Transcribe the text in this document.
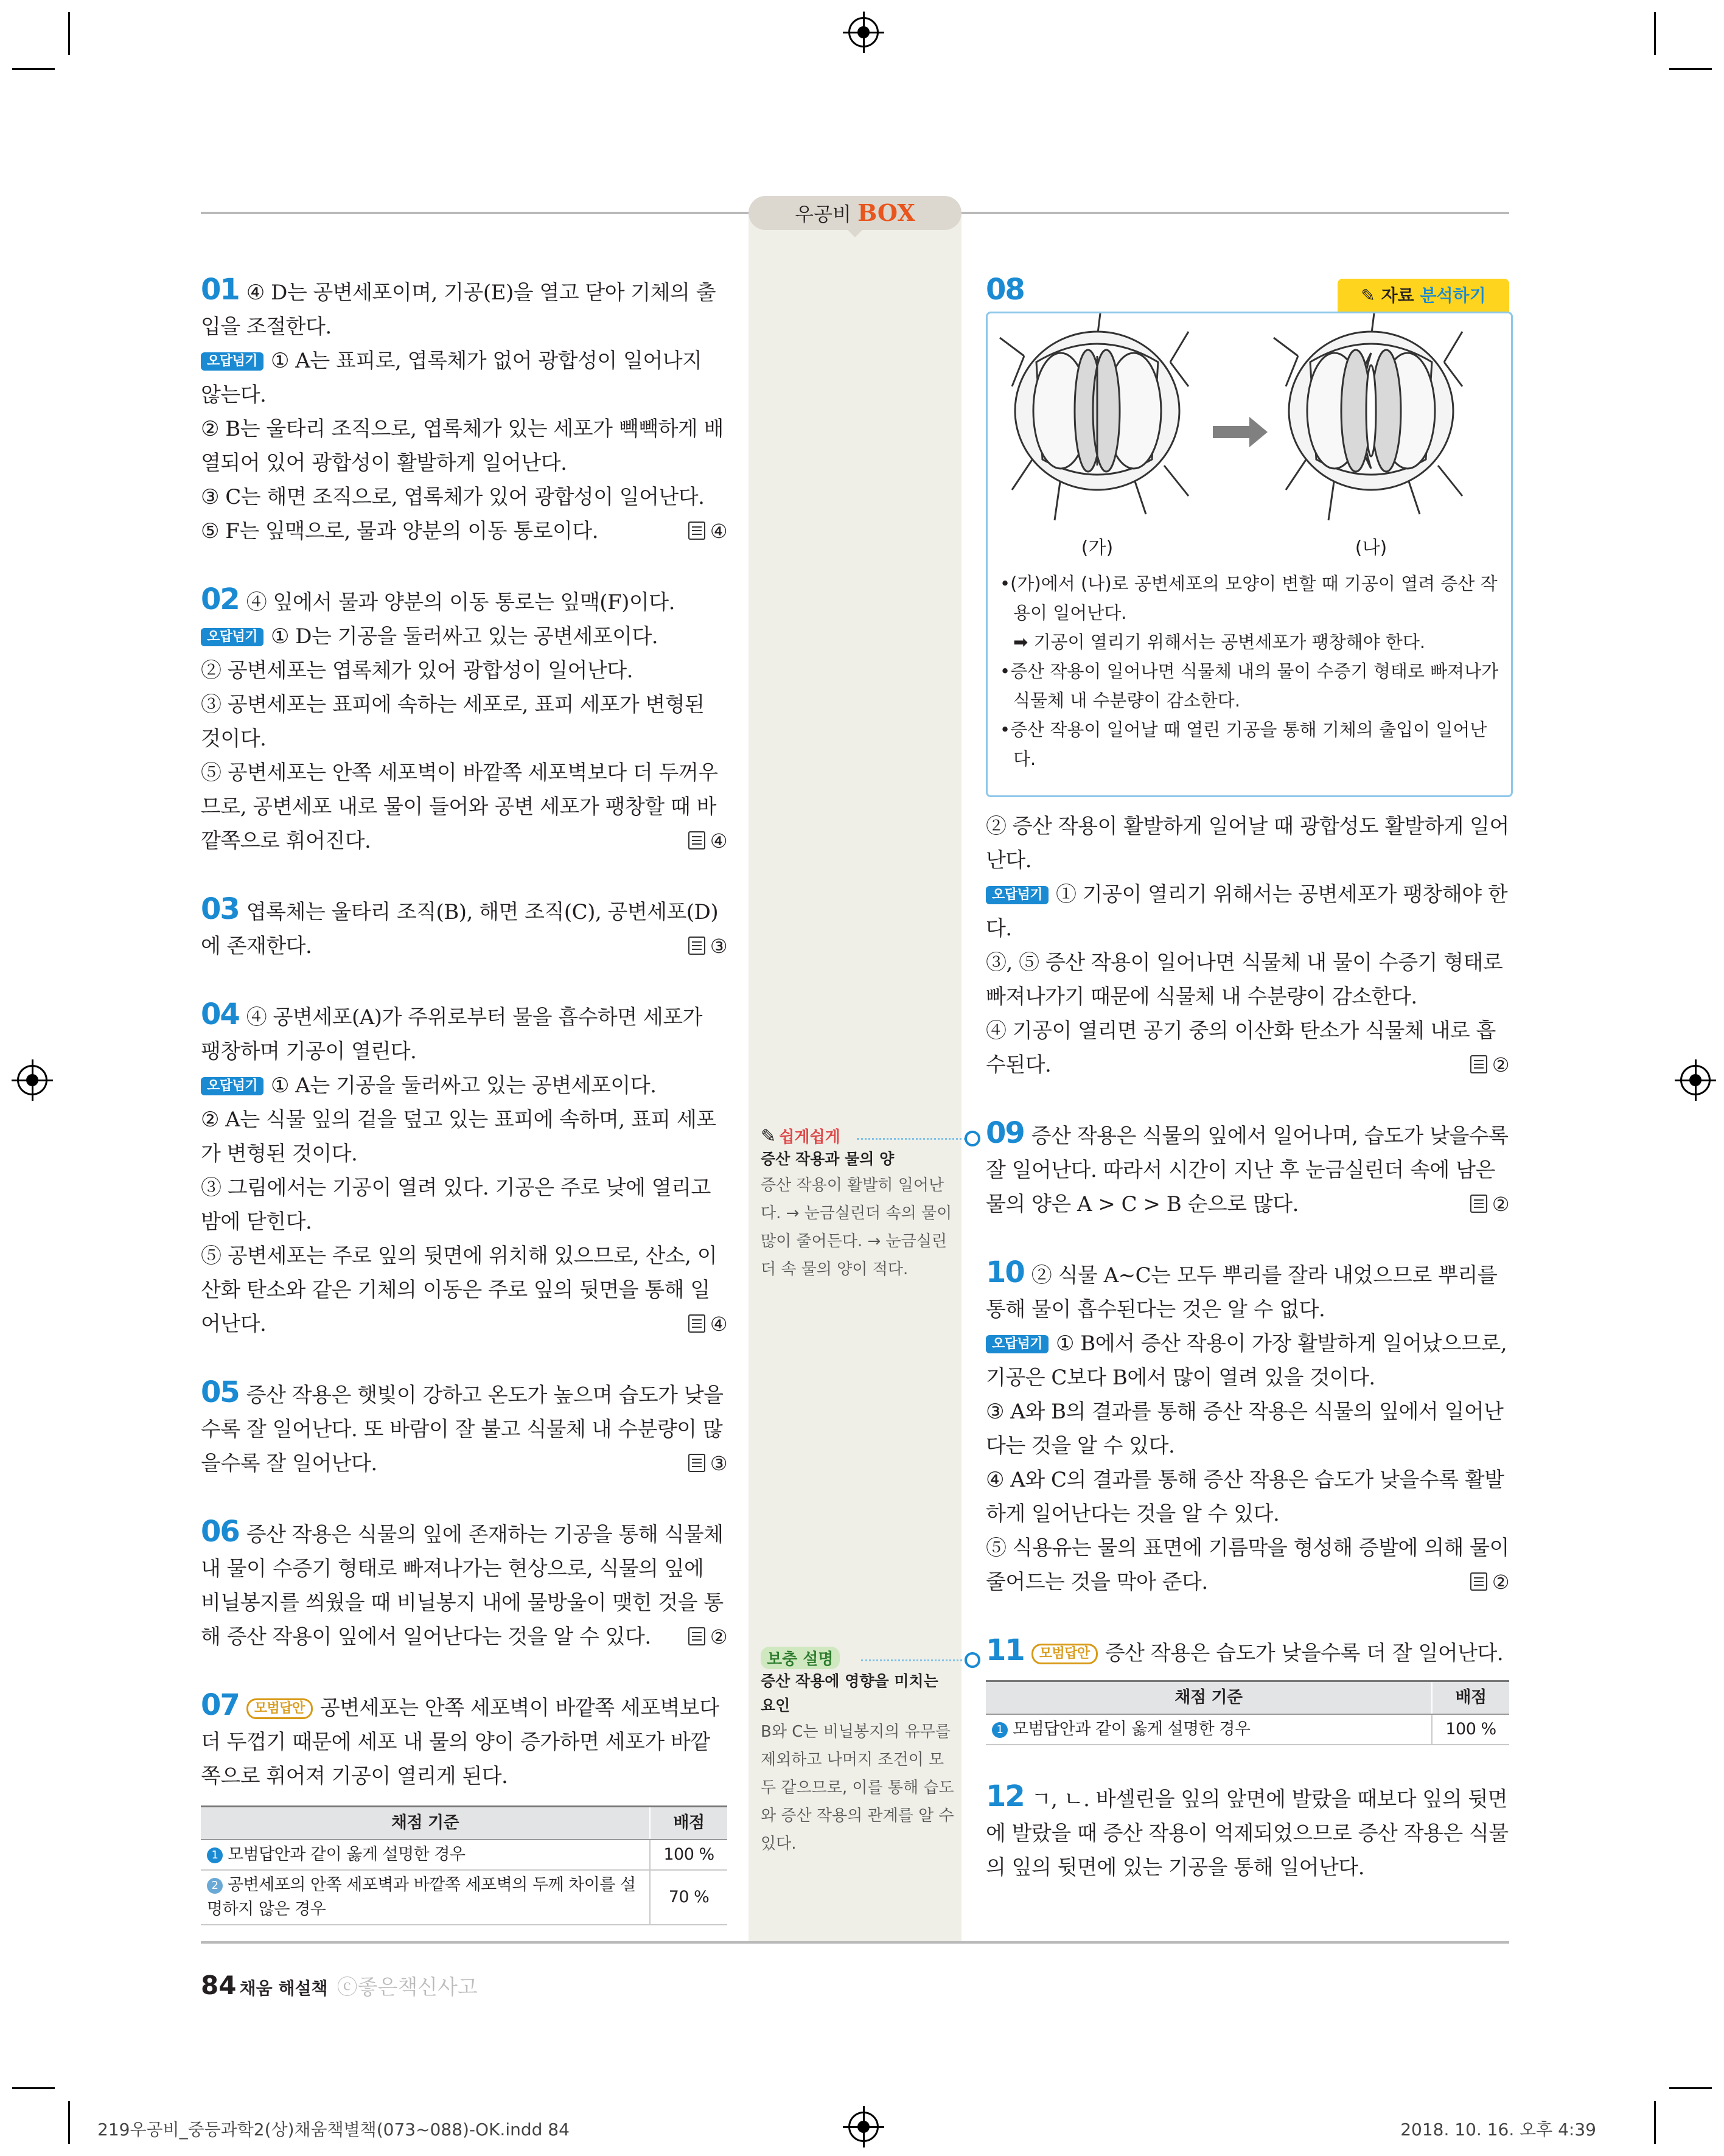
우공비 BOX
01 ④ D는 공변세포이며, 기공(E)을 열고 닫아 기체의 출입을 조절한다.
오답넘기 ① A는 표피로, 엽록체가 없어 광합성이 일어나지 않는다.
② B는 울타리 조직으로, 엽록체가 있는 세포가 빽빽하게 배열되어 있어 광합성이 활발하게 일어난다.
③ C는 해면 조직으로, 엽록체가 있어 광합성이 일어난다.
⑤ F는 잎맥으로, 물과 양분의 이동 통로이다.	④
02 ④ 잎에서 물과 양분의 이동 통로는 잎맥(F)이다.
오답넘기 ① D는 기공을 둘러싸고 있는 공변세포이다.
② 공변세포는 엽록체가 있어 광합성이 일어난다.
③ 공변세포는 표피에 속하는 세포로, 표피 세포가 변형된 것이다.
⑤ 공변세포는 안쪽 세포벽이 바깥쪽 세포벽보다 더 두꺼우므로, 공변세포 내로 물이 들어와 공변 세포가 팽창할 때 바깥쪽으로 휘어진다.	④
03 엽록체는 울타리 조직(B), 해면 조직(C), 공변세포(D)에 존재한다.	③
04 ④ 공변세포(A)가 주위로부터 물을 흡수하면 세포가 팽창하며 기공이 열린다.
오답넘기 ① A는 기공을 둘러싸고 있는 공변세포이다.
② A는 식물 잎의 겉을 덮고 있는 표피에 속하며, 표피 세포가 변형된 것이다.
③ 그림에서는 기공이 열려 있다. 기공은 주로 낮에 열리고 밤에 닫힌다.
⑤ 공변세포는 주로 잎의 뒷면에 위치해 있으므로, 산소, 이산화 탄소와 같은 기체의 이동은 주로 잎의 뒷면을 통해 일어난다.	④
05 증산 작용은 햇빛이 강하고 온도가 높으며 습도가 낮을수록 잘 일어난다. 또 바람이 잘 불고 식물체 내 수분량이 많을수록 잘 일어난다.	③
06 증산 작용은 식물의 잎에 존재하는 기공을 통해 식물체 내 물이 수증기 형태로 빠져나가는 현상으로, 식물의 잎에 비닐봉지를 씌웠을 때 비닐봉지 내에 물방울이 맺힌 것을 통해 증산 작용이 잎에서 일어난다는 것을 알 수 있다.	②
07 모범답안 공변세포는 안쪽 세포벽이 바깥쪽 세포벽보다 더 두껍기 때문에 세포 내 물의 양이 증가하면 세포가 바깥쪽으로 휘어져 기공이 열리게 된다.
채점 기준	배점
1 모범답안과 같이 옳게 설명한 경우	100 %
2 공변세포의 안쪽 세포벽과 바깥쪽 세포벽의 두께 차이를 설명하지 않은 경우	70 %
✎ 쉽게쉽게
증산 작용과 물의 양
증산 작용이 활발히 일어난다. → 눈금실린더 속의 물이 많이 줄어든다. → 눈금실린더 속 물의 양이 적다.
보충 설명
증산 작용에 영향을 미치는 요인
B와 C는 비닐봉지의 유무를 제외하고 나머지 조건이 모두 같으므로, 이를 통해 습도와 증산 작용의 관계를 알 수 있다.
08	✎ 자료 분석하기
(가)	(나)

•(가)에서 (나)로 공변세포의 모양이 변할 때 기공이 열려 증산 작용이 일어난다.

➡ 기공이 열리기 위해서는 공변세포가 팽창해야 한다.

•증산 작용이 일어나면 식물체 내의 물이 수증기 형태로 빠져나가 식물체 내 수분량이 감소한다.

•증산 작용이 일어날 때 열린 기공을 통해 기체의 출입이 일어난다.

② 증산 작용이 활발하게 일어날 때 광합성도 활발하게 일어난다.
오답넘기 ① 기공이 열리기 위해서는 공변세포가 팽창해야 한다.
③, ⑤ 증산 작용이 일어나면 식물체 내 물이 수증기 형태로 빠져나가기 때문에 식물체 내 수분량이 감소한다.
④ 기공이 열리면 공기 중의 이산화 탄소가 식물체 내로 흡수된다.	②
09 증산 작용은 식물의 잎에서 일어나며, 습도가 낮을수록 잘 일어난다. 따라서 시간이 지난 후 눈금실린더 속에 남은 물의 양은 A > C > B 순으로 많다.	②
10 ② 식물 A~C는 모두 뿌리를 잘라 내었으므로 뿌리를 통해 물이 흡수된다는 것은 알 수 없다.
오답넘기 ① B에서 증산 작용이 가장 활발하게 일어났으므로, 기공은 C보다 B에서 많이 열려 있을 것이다.
③ A와 B의 결과를 통해 증산 작용은 식물의 잎에서 일어난다는 것을 알 수 있다.
④ A와 C의 결과를 통해 증산 작용은 습도가 낮을수록 활발하게 일어난다는 것을 알 수 있다.
⑤ 식용유는 물의 표면에 기름막을 형성해 증발에 의해 물이 줄어드는 것을 막아 준다.	②
11 모범답안 증산 작용은 습도가 낮을수록 더 잘 일어난다.
채점 기준	배점
1 모범답안과 같이 옳게 설명한 경우	100 %
12 ㄱ, ㄴ. 바셀린을 잎의 앞면에 발랐을 때보다 잎의 뒷면에 발랐을 때 증산 작용이 억제되었으므로 증산 작용은 식물의 잎의 뒷면에 있는 기공을 통해 일어난다.
84 채움 해설책 ⓒ좋은책신사고
219우공비_중등과학2(상)채움책별책(073~088)-OK.indd 84	2018. 10. 16. 오후 4:39
